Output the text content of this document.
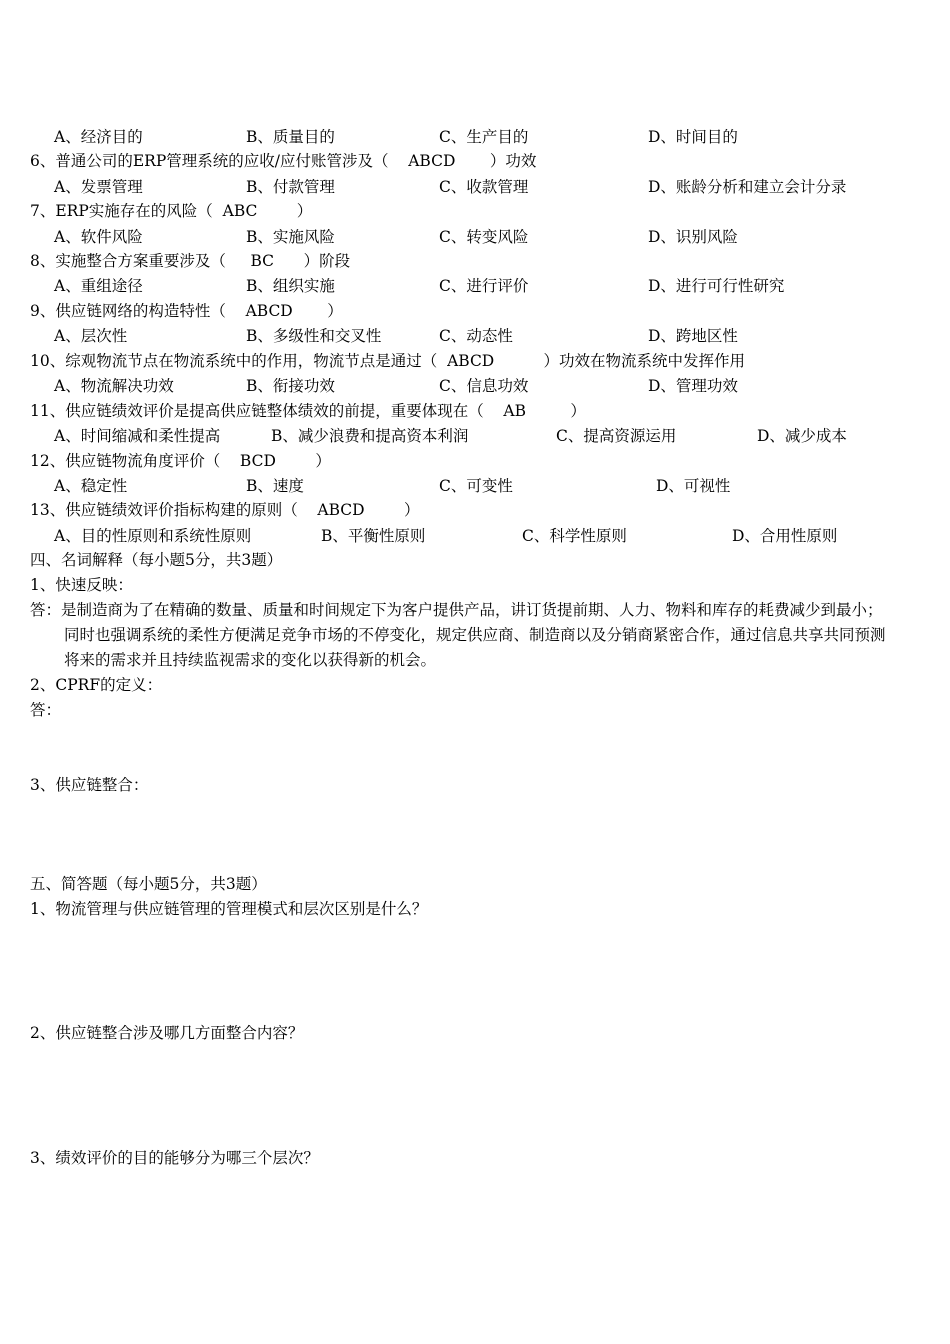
A、经济目的	B、质量目的	C、生产目的	D、时间目的
6、普通公司的ERP管理系统的应收/应付账管涉及（    ABCD       ）功效
A、发票管理	B、付款管理	C、收款管理	D、账龄分析和建立会计分录
7、ERP实施存在的风险（  ABC        ）
A、软件风险	B、实施风险	C、转变风险	D、识别风险
8、实施整合方案重要涉及（     BC      ）阶段
A、重组途径	B、组织实施	C、进行评价	D、进行可行性研究
9、供应链网络的构造特性（    ABCD       ）
A、层次性	B、多级性和交叉性	C、动态性	D、跨地区性
10、综观物流节点在物流系统中的作用，物流节点是通过（  ABCD          ）功效在物流系统中发挥作用
A、物流解决功效	B、衔接功效	C、信息功效	D、管理功效
11、供应链绩效评价是提高供应链整体绩效的前提，重要体现在（    AB         ）
A、时间缩减和柔性提高	B、减少浪费和提高资本利润	C、提高资源运用	D、减少成本
12、供应链物流角度评价（    BCD        ）
A、稳定性	B、速度	C、可变性	D、可视性
13、供应链绩效评价指标构建的原则（    ABCD        ）
A、目的性原则和系统性原则	B、平衡性原则	C、科学性原则	D、合用性原则
四、名词解释（每小题5分，共3题）
1、快速反映：
答：是制造商为了在精确的数量、质量和时间规定下为客户提供产品，讲订货提前期、人力、物料和库存的耗费减少到最小；
同时也强调系统的柔性方便满足竞争市场的不停变化，规定供应商、制造商以及分销商紧密合作，通过信息共享共同预测
将来的需求并且持续监视需求的变化以获得新的机会。
2、CPRF的定义：
答：
3、供应链整合：
五、简答题（每小题5分，共3题）
1、物流管理与供应链管理的管理模式和层次区别是什么？
2、供应链整合涉及哪几方面整合内容？
3、绩效评价的目的能够分为哪三个层次？
